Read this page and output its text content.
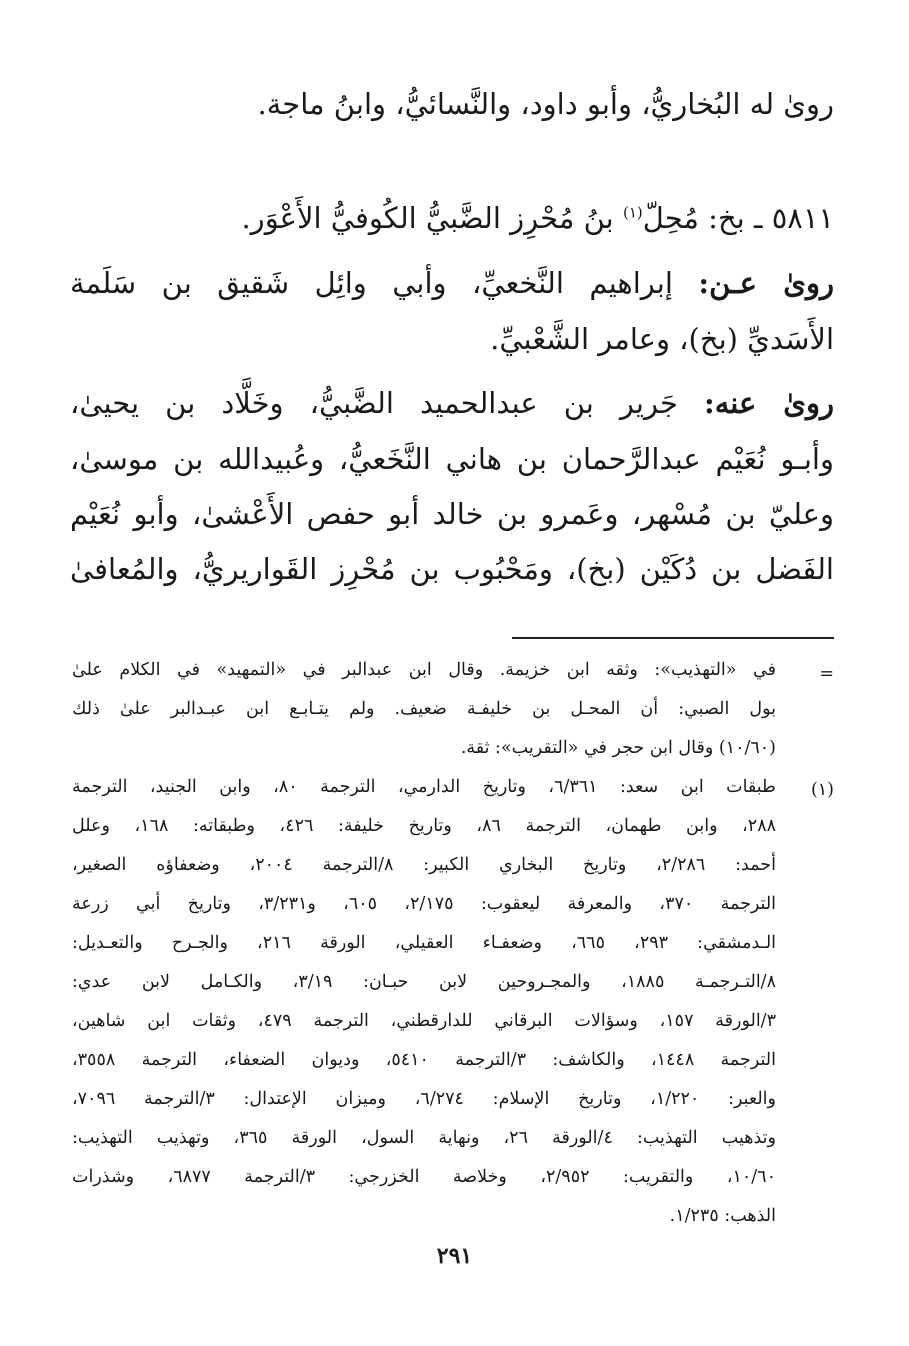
رویٰ له البُخاريُّ، وأبو داود، والنَّسائيُّ، وابنُ ماجة.
٥٨١١ ـ بخ: مُحِلّ$^{(١)}$ بنُ مُحْرِز الضَّبيُّ الكُوفيُّ الأَعْوَر.
رویٰ عـن: إبراهيم النَّخعيِّ، وأبي وائِل شَقيق بن سَلَمة
الأَسَديِّ (بخ)، وعامر الشَّعْبيِّ.
رویٰ عنه: جَرير بن عبدالحميد الضَّبيُّ، وخَلَّاد بن يحيیٰ،
وأبـو نُعَيْم عبدالرَّحمان بن هاني النَّخَعيُّ، وعُبيدالله بن موسیٰ،
وعليّ بن مُسْهر، وعَمرو بن خالد أبو حفص الأَعْشیٰ، وأبو نُعَيْم
الفَضل بن دُكَيْن (بخ)، ومَحْبُوب بن مُحْرِز القَواريريُّ، والمُعافیٰ
=
في «التهذيب»: وثقه ابن خزيمة. وقال ابن عبدالبر في «التمهيد» في الكلام علیٰ
بول الصبي: أن المحـل بن خليفـة ضعيف. ولم يتـابـع ابن عبـدالبر علیٰ ذلك
(١٠/٦٠) وقال ابن حجر في «التقريب»: ثقة.
(١)
طبقات ابن سعد: ٦/٣٦١، وتاريخ الدارمي، الترجمة ٨٠، وابن الجنيد، الترجمة
٢٨٨، وابن طهمان، الترجمة ٨٦، وتاريخ خليفة: ٤٢٦، وطبقاته: ١٦٨، وعلل
أحمد: ٢/٢٨٦، وتاريخ البخاري الكبير: ٨/الترجمة ٢٠٠٤، وضعفاؤه الصغير،
الترجمة ٣٧٠، والمعرفة ليعقوب: ٢/١٧٥، ٦٠٥، و٣/٢٣١، وتاريخ أبي زرعة
الـدمشقي: ٢٩٣، ٦٦٥، وضعفـاء العقيلي، الورقة ٢١٦، والجـرح والتعـديل:
٨/التـرجمـة ١٨٨٥، والمجـروحين لابن حبـان: ٣/١٩، والكـامل لابن عدي:
٣/الورقة ١٥٧، وسؤالات البرقاني للدارقطني، الترجمة ٤٧٩، وثقات ابن شاهين،
الترجمة ١٤٤٨، والكاشف: ٣/الترجمة ٥٤١٠، وديوان الضعفاء، الترجمة ٣٥٥٨،
والعبر: ١/٢٢٠، وتاريخ الإسلام: ٦/٢٧٤، وميزان الإعتدال: ٣/الترجمة ٧٠٩٦،
وتذهيب التهذيب: ٤/الورقة ٢٦، ونهاية السول، الورقة ٣٦٥، وتهذيب التهذيب:
١٠/٦٠، والتقريب: ٢/٩٥٢، وخلاصة الخزرجي: ٣/الترجمة ٦٨٧٧، وشذرات
الذهب: ١/٢٣٥.
٢٩١
